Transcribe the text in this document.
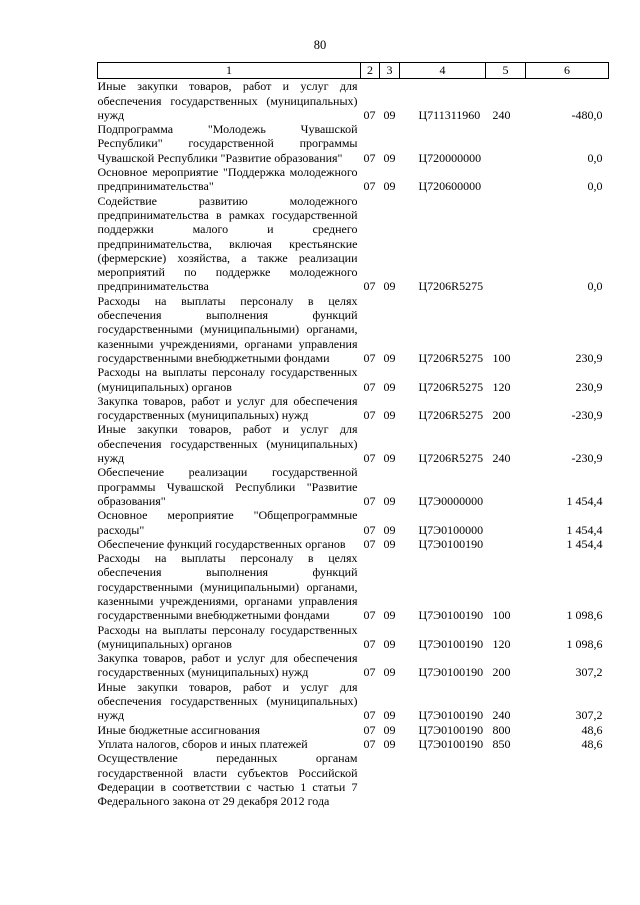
80
1	2	3	4	5	6
Иные закупки товаров, работ и услуг для обеспечения государственных (муниципальных) нужд	07	09	Ц711311960	240	-480,0
Подпрограмма "Молодежь Чувашской Республики" государственной программы Чувашской Республики "Развитие образования"	07	09	Ц720000000		0,0
Основное мероприятие "Поддержка молодежного предпринимательства"	07	09	Ц720600000		0,0
Содействие развитию молодежного предпринимательства в рамках государственной поддержки малого и среднего предпринимательства, включая крестьянские (фермерские) хозяйства, а также реализации мероприятий по поддержке молодежного предпринимательства	07	09	Ц7206R5275		0,0
Расходы на выплаты персоналу в целях обеспечения выполнения функций государственными (муниципальными) органами, казенными учреждениями, органами управления государственными внебюджетными фондами	07	09	Ц7206R5275	100	230,9
Расходы на выплаты персоналу государственных (муниципальных) органов	07	09	Ц7206R5275	120	230,9
Закупка товаров, работ и услуг для обеспечения государственных (муниципальных) нужд	07	09	Ц7206R5275	200	-230,9
Иные закупки товаров, работ и услуг для обеспечения государственных (муниципальных) нужд	07	09	Ц7206R5275	240	-230,9
Обеспечение реализации государственной программы Чувашской Республики "Развитие образования"	07	09	Ц7Э0000000		1 454,4
Основное мероприятие "Общепрограммные расходы"	07	09	Ц7Э0100000		1 454,4
Обеспечение функций государственных органов	07	09	Ц7Э0100190		1 454,4
Расходы на выплаты персоналу в целях обеспечения выполнения функций государственными (муниципальными) органами, казенными учреждениями, органами управления государственными внебюджетными фондами	07	09	Ц7Э0100190	100	1 098,6
Расходы на выплаты персоналу государственных (муниципальных) органов	07	09	Ц7Э0100190	120	1 098,6
Закупка товаров, работ и услуг для обеспечения государственных (муниципальных) нужд	07	09	Ц7Э0100190	200	307,2
Иные закупки товаров, работ и услуг для обеспечения государственных (муниципальных) нужд	07	09	Ц7Э0100190	240	307,2
Иные бюджетные ассигнования	07	09	Ц7Э0100190	800	48,6
Уплата налогов, сборов и иных платежей	07	09	Ц7Э0100190	850	48,6
Осуществление переданных органам государственной власти субъектов Российской Федерации в соответствии с частью 1 статьи 7 Федерального закона от 29 декабря 2012 года					
